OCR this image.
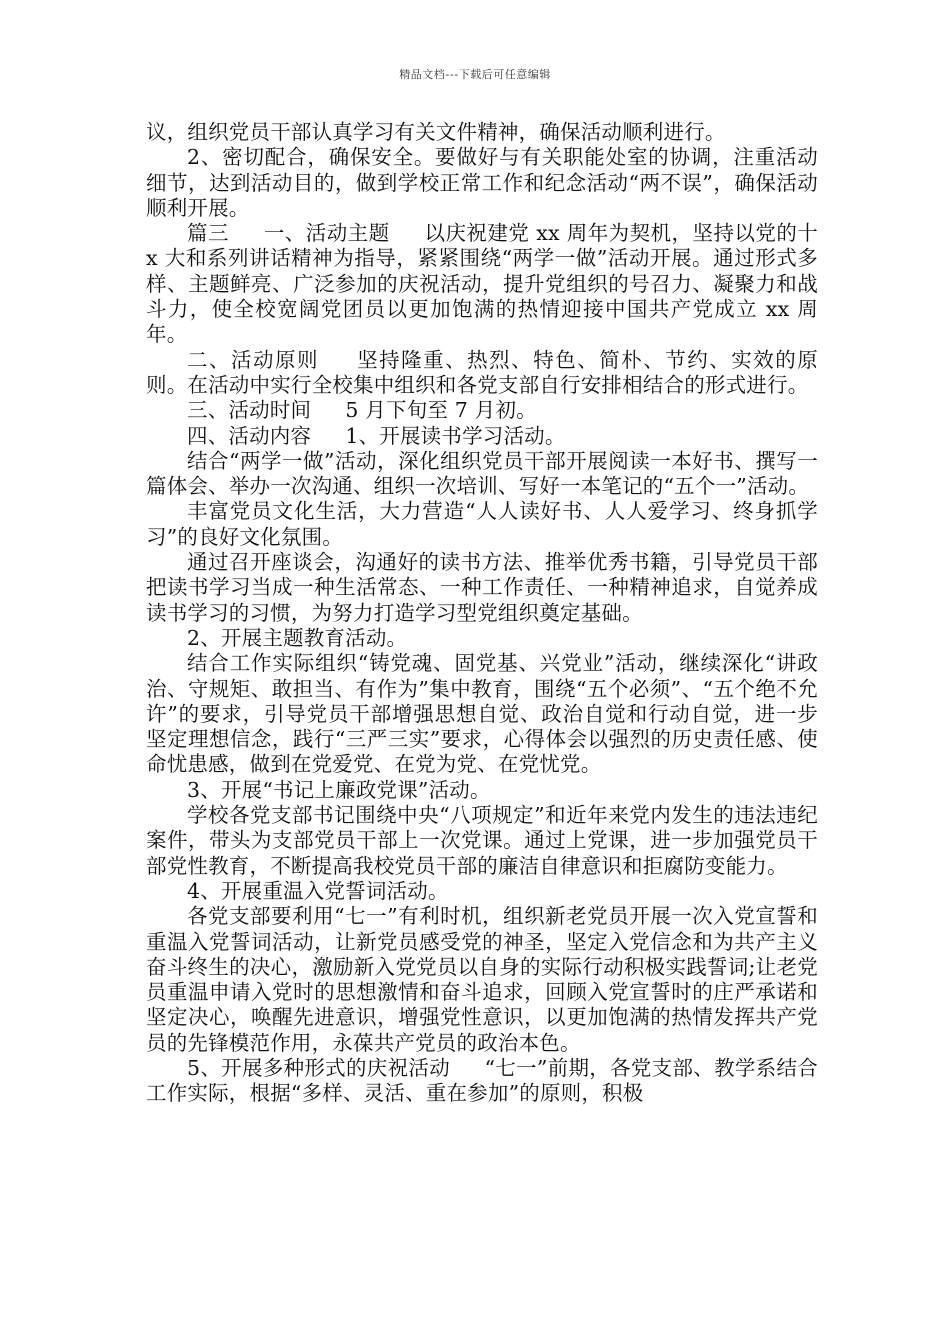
精品文档---下载后可任意编辑

议，组织党员干部认真学习有关文件精神，确保活动顺利进行。

2、密切配合，确保安全。要做好与有关职能处室的协调，注重活动细节，达到活动目的，做到学校正常工作和纪念活动“两不误”，确保活动顺利开展。

篇三　  一、活动主题　  以庆祝建党 xx 周年为契机，坚持以党的十 x 大和系列讲话精神为指导，紧紧围绕“两学一做”活动开展。通过形式多样、主题鲜亮、广泛参加的庆祝活动，提升党组织的号召力、凝聚力和战斗力，使全校宽阔党团员以更加饱满的热情迎接中国共产党成立 xx 周年。

二、活动原则　  坚持隆重、热烈、特色、简朴、节约、实效的原则。在活动中实行全校集中组织和各党支部自行安排相结合的形式进行。

三、活动时间　  5 月下旬至 7 月初。

四、活动内容　  1、开展读书学习活动。

结合“两学一做”活动，深化组织党员干部开展阅读一本好书、撰写一篇体会、举办一次沟通、组织一次培训、写好一本笔记的“五个一”活动。

丰富党员文化生活，大力营造“人人读好书、人人爱学习、终身抓学习”的良好文化氛围。

通过召开座谈会，沟通好的读书方法、推举优秀书籍，引导党员干部把读书学习当成一种生活常态、一种工作责任、一种精神追求，自觉养成读书学习的习惯，为努力打造学习型党组织奠定基础。

2、开展主题教育活动。

结合工作实际组织“铸党魂、固党基、兴党业”活动，继续深化“讲政治、守规矩、敢担当、有作为”集中教育，围绕“五个必须”、“五个绝不允许”的要求，引导党员干部增强思想自觉、政治自觉和行动自觉，进一步坚定理想信念，践行“三严三实”要求，心得体会以强烈的历史责任感、使命忧患感，做到在党爱党、在党为党、在党忧党。

3、开展“书记上廉政党课”活动。

学校各党支部书记围绕中央“八项规定”和近年来党内发生的违法违纪案件，带头为支部党员干部上一次党课。通过上党课，进一步加强党员干部党性教育，不断提高我校党员干部的廉洁自律意识和拒腐防变能力。

4、开展重温入党誓词活动。

各党支部要利用“七一”有利时机，组织新老党员开展一次入党宣誓和重温入党誓词活动，让新党员感受党的神圣，坚定入党信念和为共产主义奋斗终生的决心，激励新入党党员以自身的实际行动积极实践誓词;让老党员重温申请入党时的思想激情和奋斗追求，回顾入党宣誓时的庄严承诺和坚定决心，唤醒先进意识，增强党性意识，以更加饱满的热情发挥共产党员的先锋模范作用，永葆共产党员的政治本色。

5、开展多种形式的庆祝活动　  “七一”前期，各党支部、教学系结合工作实际，根据“多样、灵活、重在参加”的原则，积极
